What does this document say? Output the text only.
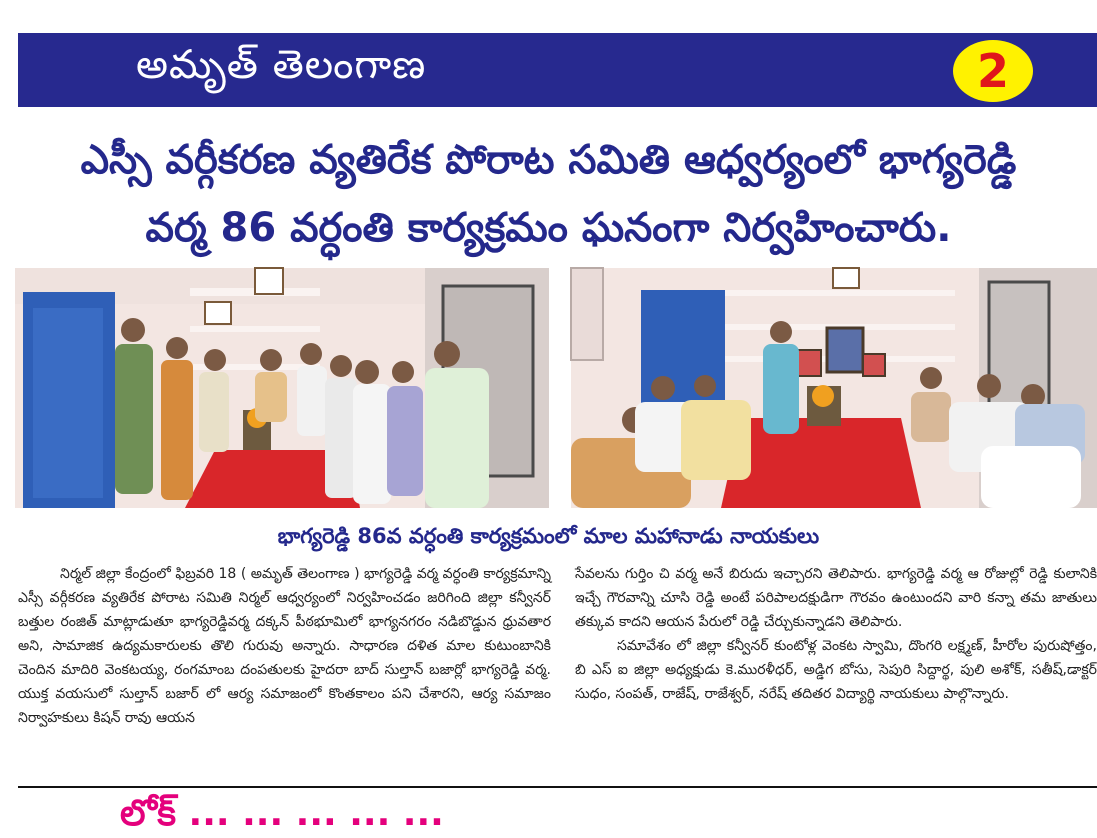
అమృత్ తెలంగాణ	2
ఎస్సీ వర్గీకరణ వ్యతిరేక పోరాట సమితి ఆధ్వర్యంలో భాగ్యరెడ్డి
వర్మ 86 వర్ధంతి కార్యక్రమం ఘనంగా నిర్వహించారు.
భాగ్యరెడ్డి 86వ వర్ధంతి కార్యక్రమంలో మాల మహానాడు నాయకులు

నిర్మల్ జిల్లా కేంద్రంలో ఫిబ్రవరి 18 ( అమృత్ తెలంగాణ ) భాగ్యరెడ్డి వర్మ వర్ధంతి కార్యక్రమాన్ని ఎస్సీ వర్గీకరణ వ్యతిరేక పోరాట సమితి నిర్మల్ ఆధ్వర్యంలో నిర్వహించడం జరిగింది జిల్లా కన్వీనర్ బత్తుల రంజిత్ మాట్లాడుతూ భాగ్యరెడ్డివర్మ దక్కన్ పీఠభూమిలో భాగ్యనగరం నడిబొడ్డున ధ్రువతార అని, సామాజిక ఉద్యమకారులకు తొలి గురువు అన్నారు. సాధారణ దళిత మాల కుటుంబానికి చెందిన మాదిరి వెంకటయ్య, రంగమాంబ దంపతులకు హైదరా బాద్ సుల్తాన్ బజార్లో భాగ్యరెడ్డి వర్మ. యుక్త వయసులో సుల్తాన్ బజార్ లో ఆర్య సమాజంలో కొంతకాలం పని చేశారని, ఆర్య సమాజం నిర్వాహకులు కిషన్ రావు ఆయన

సేవలను గుర్తిం చి వర్మ అనే బిరుదు ఇచ్చారని తెలిపారు. భాగ్యరెడ్డి వర్మ ఆ రోజుల్లో రెడ్డి కులానికి ఇచ్చే గౌరవాన్ని చూసి రెడ్డి అంటే పరిపాలదక్షుడిగా గౌరవం ఉంటుందని వారి కన్నా తమ జాతులు తక్కువ కాదని ఆయన పేరులో రెడ్డి చేర్చుకున్నాడని తెలిపారు.

సమావేశం లో జిల్లా కన్వీనర్ కుంటోళ్ల వెంకట స్వామి, దొంగరి లక్ష్మణ్, హీరోల పురుషోత్తం, బి ఎస్ ఐ జిల్లా అధ్యక్షుడు కె.మురళీధర్, అడ్డిగ బోసు, సెపురి సిద్దార్థ, పులి అశోక్, సతీష్,డాక్టర్ సుధం, సంపత్, రాజేష్, రాజేశ్వర్, నరేష్ తదితర విద్యార్థి నాయకులు పాల్గొన్నారు.

లోక్ ... ... ... ... ...
